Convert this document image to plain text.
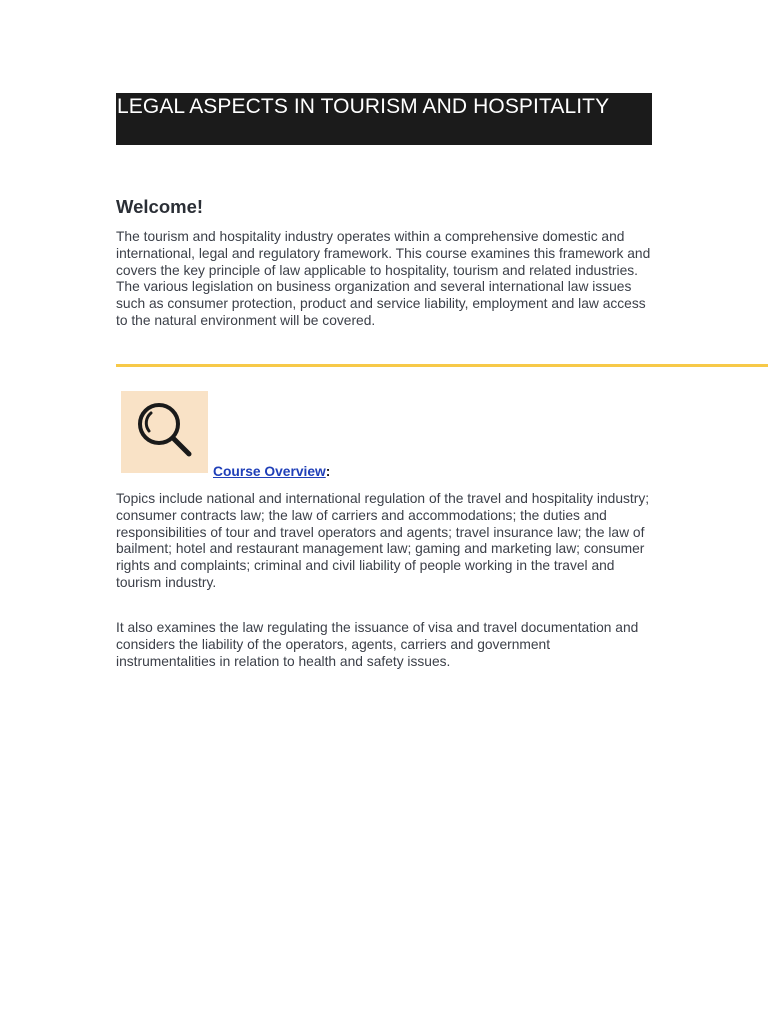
LEGAL ASPECTS IN TOURISM AND HOSPITALITY
Welcome!

The tourism and hospitality industry operates within a comprehensive domestic and international, legal and regulatory framework. This course examines this framework and covers the key principle of law applicable to hospitality, tourism and related industries. The various legislation on business organization and several international law issues such as consumer protection, product and service liability, employment and law access to the natural environment will be covered.

Course Overview:

Topics include national and international regulation of the travel and hospitality industry; consumer contracts law; the law of carriers and accommodations; the duties and responsibilities of tour and travel operators and agents; travel insurance law; the law of bailment; hotel and restaurant management law; gaming and marketing law; consumer rights and complaints; criminal and civil liability of people working in the travel and tourism industry.

It also examines the law regulating the issuance of visa and travel documentation and considers the liability of the operators, agents, carriers and government instrumentalities in relation to health and safety issues.
